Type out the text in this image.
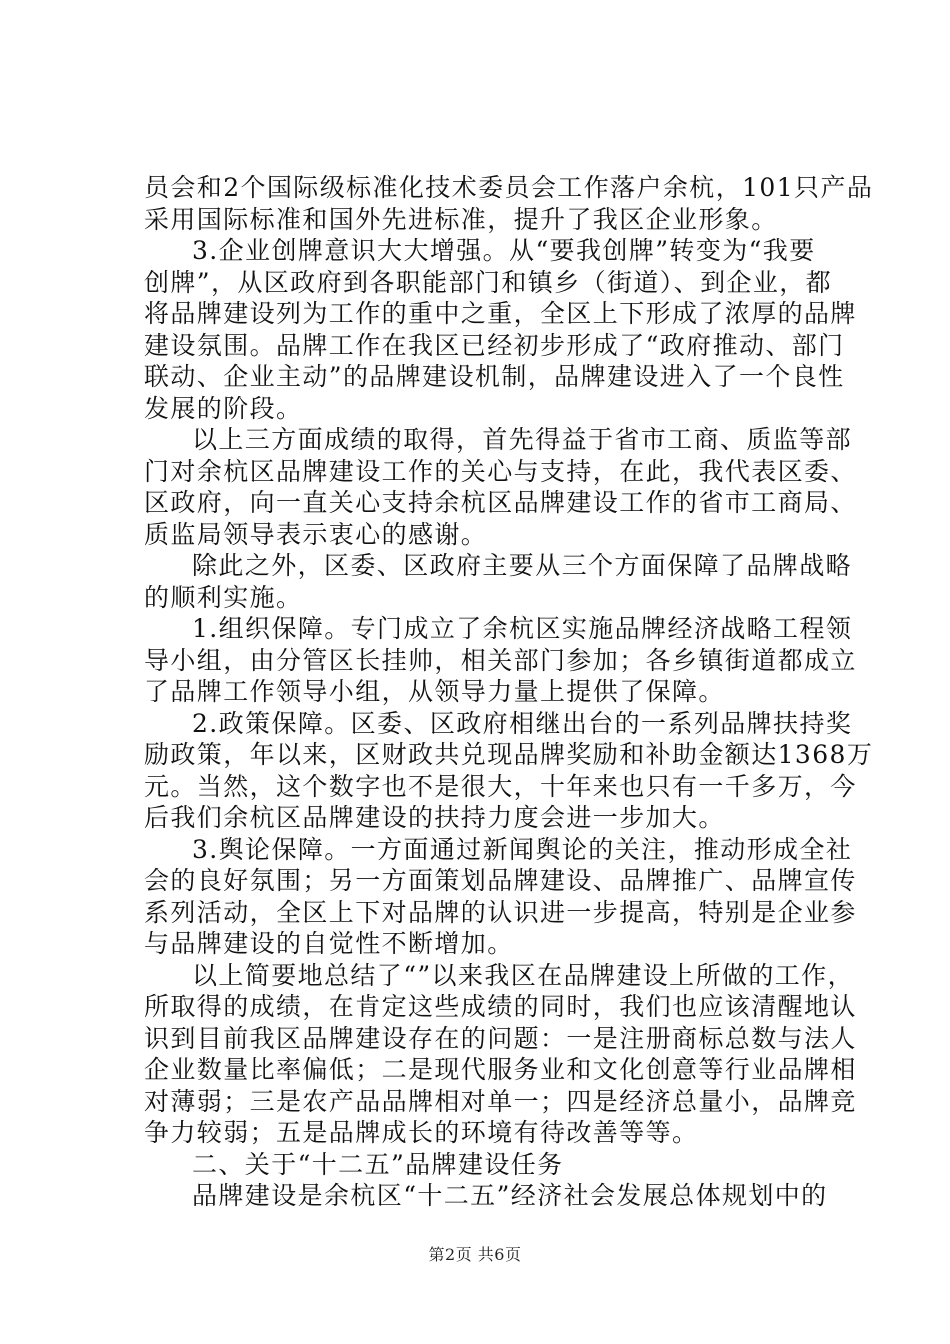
员会和2个国际级标准化技术委员会工作落户余杭，101只产品
采用国际标准和国外先进标准，提升了我区企业形象。
3.企业创牌意识大大增强。从“要我创牌”转变为“我要
创牌”，从区政府到各职能部门和镇乡（街道）、到企业，都
将品牌建设列为工作的重中之重，全区上下形成了浓厚的品牌
建设氛围。品牌工作在我区已经初步形成了“政府推动、部门
联动、企业主动”的品牌建设机制，品牌建设进入了一个良性
发展的阶段。
以上三方面成绩的取得，首先得益于省市工商、质监等部
门对余杭区品牌建设工作的关心与支持，在此，我代表区委、
区政府，向一直关心支持余杭区品牌建设工作的省市工商局、
质监局领导表示衷心的感谢。
除此之外，区委、区政府主要从三个方面保障了品牌战略
的顺利实施。
1.组织保障。专门成立了余杭区实施品牌经济战略工程领
导小组，由分管区长挂帅，相关部门参加；各乡镇街道都成立
了品牌工作领导小组，从领导力量上提供了保障。
2.政策保障。区委、区政府相继出台的一系列品牌扶持奖
励政策，年以来，区财政共兑现品牌奖励和补助金额达1368万
元。当然，这个数字也不是很大，十年来也只有一千多万，今
后我们余杭区品牌建设的扶持力度会进一步加大。
3.舆论保障。一方面通过新闻舆论的关注，推动形成全社
会的良好氛围；另一方面策划品牌建设、品牌推广、品牌宣传
系列活动，全区上下对品牌的认识进一步提高，特别是企业参
与品牌建设的自觉性不断增加。
以上简要地总结了“”以来我区在品牌建设上所做的工作，
所取得的成绩，在肯定这些成绩的同时，我们也应该清醒地认
识到目前我区品牌建设存在的问题：一是注册商标总数与法人
企业数量比率偏低；二是现代服务业和文化创意等行业品牌相
对薄弱；三是农产品品牌相对单一；四是经济总量小，品牌竞
争力较弱；五是品牌成长的环境有待改善等等。
二、关于“十二五”品牌建设任务
品牌建设是余杭区“十二五”经济社会发展总体规划中的
第2页 共6页
